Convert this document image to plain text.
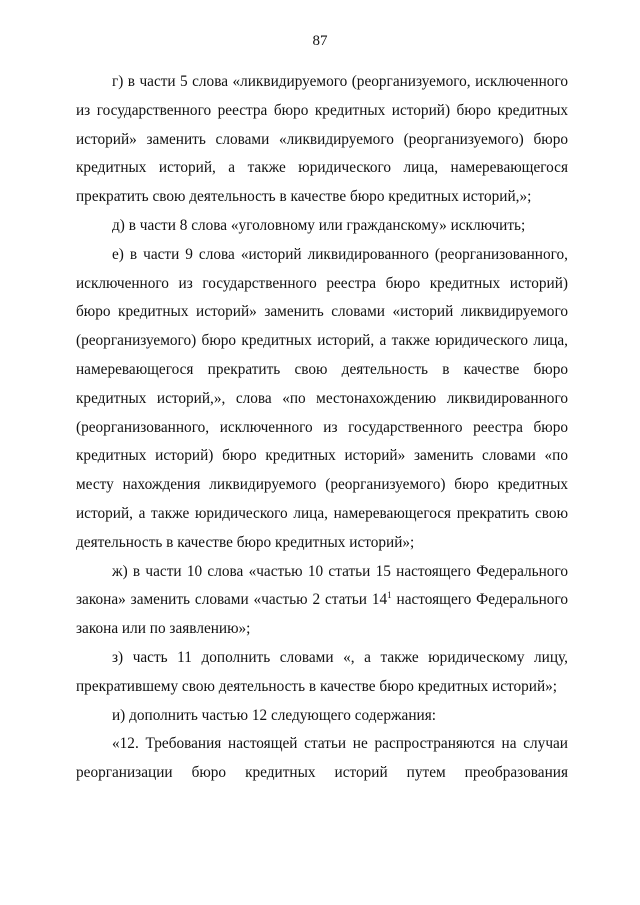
87

г) в части 5 слова «ликвидируемого (реорганизуемого, исключенного из государственного реестра бюро кредитных историй) бюро кредитных историй» заменить словами «ликвидируемого (реорганизуемого) бюро кредитных историй, а также юридического лица, намеревающегося прекратить свою деятельность в качестве бюро кредитных историй,»;

д) в части 8 слова «уголовному или гражданскому» исключить;

е) в части 9 слова «историй ликвидированного (реорганизованного, исключенного из государственного реестра бюро кредитных историй) бюро кредитных историй» заменить словами «историй ликвидируемого (реорганизуемого) бюро кредитных историй, а также юридического лица, намеревающегося прекратить свою деятельность в качестве бюро кредитных историй,», слова «по местонахождению ликвидированного (реорганизованного, исключенного из государственного реестра бюро кредитных историй) бюро кредитных историй» заменить словами «по месту нахождения ликвидируемого (реорганизуемого) бюро кредитных историй, а также юридического лица, намеревающегося прекратить свою деятельность в качестве бюро кредитных историй»;

ж) в части 10 слова «частью 10 статьи 15 настоящего Федерального закона» заменить словами «частью 2 статьи $14^1$ настоящего Федерального закона или по заявлению»;

з) часть 11 дополнить словами «, а также юридическому лицу, прекратившему свою деятельность в качестве бюро кредитных историй»;

и) дополнить частью 12 следующего содержания:

«12. Требования настоящей статьи не распространяются на случаи реорганизации бюро кредитных историй путем преобразования
